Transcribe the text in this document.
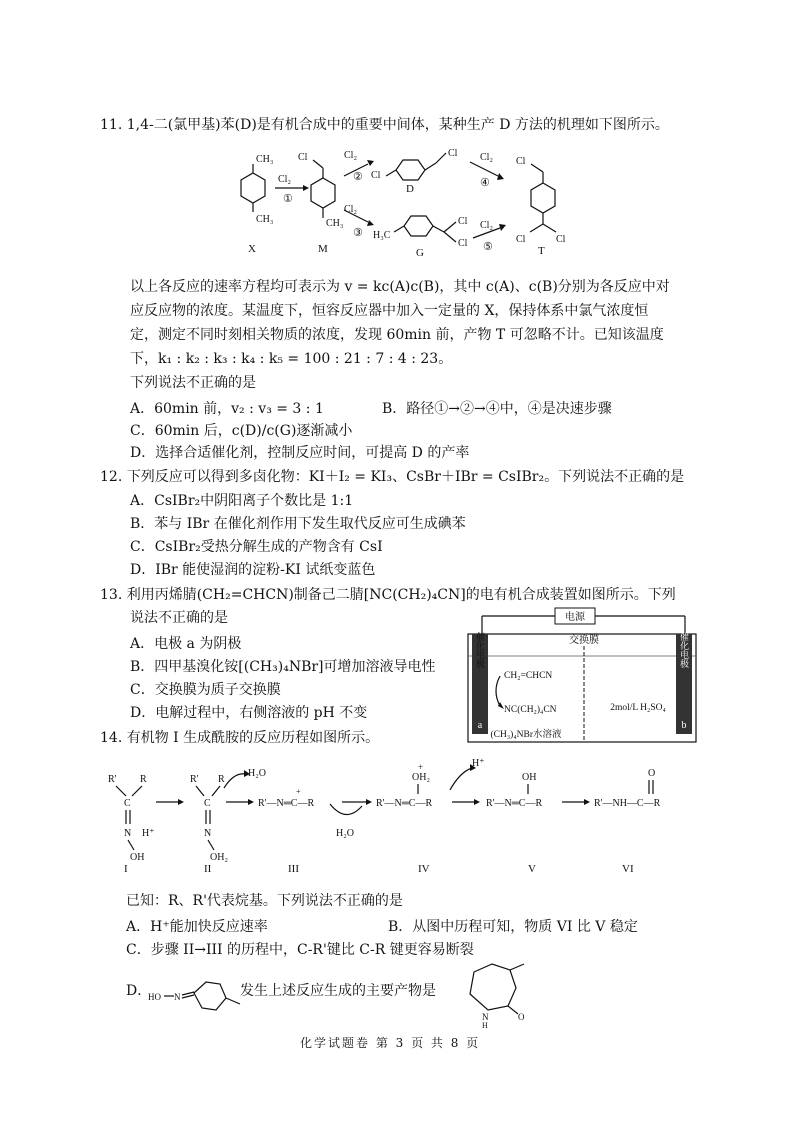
11. 1,4-二(氯甲基)苯(D)是有机合成中的重要中间体，某种生产 D 方法的机理如下图所示。
CH₃
CH₃
X
Cl₂
①
Cl
CH₃
M
Cl₂
②
Cl₂
③
Cl
Cl
D
H₃C
Cl
Cl
G
Cl₂
④
Cl₂
⑤
Cl
Cl	Cl
T
以上各反应的速率方程均可表示为 v = kc(A)c(B)，其中 c(A)、c(B)分别为各反应中对
应反应物的浓度。某温度下，恒容反应器中加入一定量的 X，保持体系中氯气浓度恒
定，测定不同时刻相关物质的浓度，发现 60min 前，产物 T 可忽略不计。已知该温度
下，k₁ : k₂ : k₃ : k₄ : k₅ = 100 : 21 : 7 : 4 : 23。
下列说法不正确的是
A．60min 前，v₂ : v₃ = 3 : 1	B．路径①→②→④中，④是决速步骤
C．60min 后，c(D)/c(G)逐渐减小
D．选择合适催化剂，控制反应时间，可提高 D 的产率
12. 下列反应可以得到多卤化物：KI＋I₂ = KI₃、CsBr＋IBr = CsIBr₂。下列说法不正确的是
A．CsIBr₂中阴阳离子个数比是 1:1
B．苯与 IBr 在催化剂作用下发生取代反应可生成碘苯
C．CsIBr₂受热分解生成的产物含有 CsI
D．IBr 能使湿润的淀粉-KI 试纸变蓝色
13. 利用丙烯腈(CH₂=CHCN)制备己二腈[NC(CH₂)₄CN]的电有机合成装置如图所示。下列
说法不正确的是
A．电极 a 为阴极
B．四甲基溴化铵[(CH₃)₄NBr]可增加溶液导电性
C．交换膜为质子交换膜
D．电解过程中，右侧溶液的 pH 不变
电源
交换膜
催化电极
a
催化电极
b
CH₂=CHCN
NC(CH₂)₄CN	2mol/L H₂SO₄
(CH₃)₄NBr水溶液
14. 有机物 I 生成酰胺的反应历程如图所示。
R' R
C
N
OH
H⁺
I
R' R
C
N
OH₂
II
H₂O
R'—N═C—R
+
III
H₂O
+
OH₂
R'—N═C—R
IV
H⁺
OH
R'—N═C—R
V
O
R'—NH—C—R
VI
已知：R、R'代表烷基。下列说法不正确的是
A．H⁺能加快反应速率	B．从图中历程可知，物质 VI 比 V 稳定
C．步骤 II→III 的历程中，C-R'键比 C-R 键更容易断裂
D．
HO N	发生上述反应生成的主要产物是
N
H
O
化学试题卷 第 3 页 共 8 页
